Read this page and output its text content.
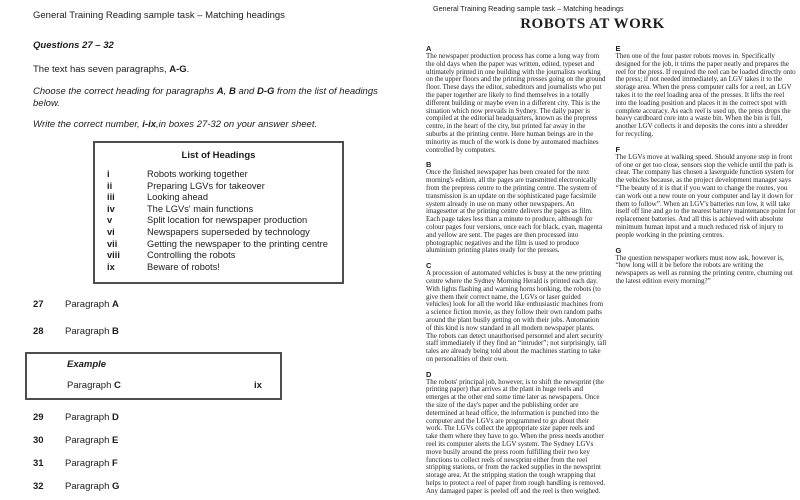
General Training Reading sample task – Matching headings
Questions 27 – 32
The text has seven paragraphs, A-G.
Choose the correct heading for paragraphs A, B and D-G from the list of headings below.
Write the correct number, i-ix,in boxes 27-32 on your answer sheet.
List of Headings
i	Robots working together
ii	Preparing LGVs for takeover
iii	Looking ahead
iv	The LGVs' main functions
v	Split location for newspaper production
vi	Newspapers superseded by technology
vii	Getting the newspaper to the printing centre
viii	Controlling the robots
ix	Beware of robots!
27	Paragraph A
28	Paragraph B
Example
Paragraph C	ix
29	Paragraph D
30	Paragraph E
31	Paragraph F
32	Paragraph G
General Training Reading sample task – Matching headings
ROBOTS AT WORK
A
The newspaper production process has come a long way from the old days when the paper was written, edited, typeset and ultimately printed in one building with the journalists working on the upper floors and the printing presses going on the ground floor. These days the editor, subeditors and journalists who put the paper together are likely to find themselves in a totally different building or maybe even in a different city. This is the situation which now prevails in Sydney. The daily paper is compiled at the editorial headquarters, known as the prepress centre, in the heart of the city, but printed far away in the suburbs at the printing centre. Here human beings are in the minority as much of the work is done by automated machines controlled by computers.
B
Once the finished newspaper has been created for the next morning's edition, all the pages are transmitted electronically from the prepress centre to the printing centre. The system of transmission is an update on the sophisticated page facsimile system already in use on many other newspapers. An imagesetter at the printing centre delivers the pages as film. Each page takes less than a minute to produce, although for colour pages four versions, once each for black, cyan, magenta and yellow are sent. The pages are then processed into photographic negatives and the film is used to produce aluminium printing plates ready for the presses.
C
A procession of automated vehicles is busy at the new printing centre where the Sydney Morning Herald is printed each day. With lights flashing and warning horns honking, the robots (to give them their correct name, the LGVs or laser guided vehicles) look for all the world like enthusiastic machines from a science fiction movie, as they follow their own random paths around the plant busily getting on with their jobs. Automation of this kind is now standard in all modern newspaper plants. The robots can detect unauthorised personnel and alert security staff immediately if they find an “intruder”; not surprisingly, tall tales are already being told about the machines starting to take on personalities of their own.
D
The robots' principal job, however, is to shift the newsprint (the printing paper) that arrives at the plant in huge reels and emerges at the other end some time later as newspapers. Once the size of the day's paper and the publishing order are determined at head office, the information is punched into the computer and the LGVs are programmed to go about their work. The LGVs collect the appropriate size paper reels and take them where they have to go. When the press needs another reel its computer alerts the LGV system. The Sydney LGVs move busily around the press room fulfilling their two key functions to collect reels of newsprint either from the reel stripping stations, or from the racked supplies in the newsprint storage area. At the stripping station the tough wrapping that helps to protect a reel of paper from rough handling is removed. Any damaged paper is peeled off and the reel is then weighed.
E
Then one of the four paster robots moves in. Specifically designed for the job, it trims the paper neatly and prepares the reel for the press. If required the reel can be loaded directly onto the press; if not needed immediately, an LGV takes it to the storage area. When the press computer calls for a reel, an LGV takes it to the reel loading area of the presses. It lifts the reel into the loading position and places it in the correct spot with complete accuracy. As each reel is used up, the press drops the heavy cardboard core into a waste bin. When the bin is full, another LGV collects it and deposits the cores into a shredder for recycling.
F
The LGVs move at walking speed. Should anyone step in front of one or get too close, sensors stop the vehicle until the path is clear. The company has chosen a laserguide function system for the vehicles because, as the project development manager says “The beauty of it is that if you want to change the routes, you can work out a new route on your computer and lay it down for them to follow”. When an LGV's batteries run low, it will take itself off line and go to the nearest battery maintenance point for replacement batteries. And all this is achieved with absolute minimum human input and a much reduced risk of injury to people working in the printing centres.
G
The question newspaper workers must now ask, however is, “how long will it be before the robots are writing the newspapers as well as running the printing centre, churning out the latest edition every morning?”
